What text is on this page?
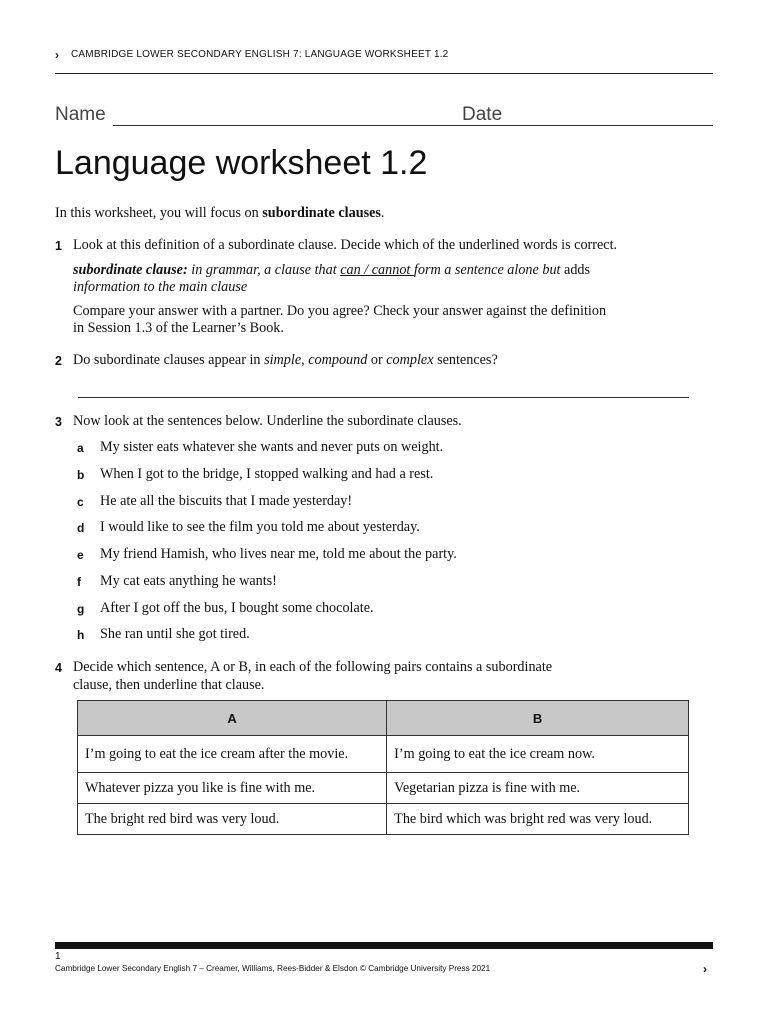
› CAMBRIDGE LOWER SECONDARY ENGLISH 7: LANGUAGE WORKSHEET 1.2
Name	Date
Language worksheet 1.2
In this worksheet, you will focus on subordinate clauses.
1 Look at this definition of a subordinate clause. Decide which of the underlined words is correct.
subordinate clause: in grammar, a clause that can / cannot form a sentence alone but adds
information to the main clause
Compare your answer with a partner. Do you agree? Check your answer against the definition
in Session 1.3 of the Learner’s Book.
2 Do subordinate clauses appear in simple, compound or complex sentences?
3 Now look at the sentences below. Underline the subordinate clauses.
a My sister eats whatever she wants and never puts on weight.
b When I got to the bridge, I stopped walking and had a rest.
c He ate all the biscuits that I made yesterday!
d I would like to see the film you told me about yesterday.
e My friend Hamish, who lives near me, told me about the party.
f My cat eats anything he wants!
g After I got off the bus, I bought some chocolate.
h She ran until she got tired.
4 Decide which sentence, A or B, in each of the following pairs contains a subordinate
clause, then underline that clause.
A	B
I’m going to eat the ice cream after the movie.	I’m going to eat the ice cream now.
Whatever pizza you like is fine with me.	Vegetarian pizza is fine with me.
The bright red bird was very loud.	The bird which was bright red was very loud.
1
Cambridge Lower Secondary English 7 – Creamer, Williams, Rees-Bidder & Elsdon © Cambridge University Press 2021	›
